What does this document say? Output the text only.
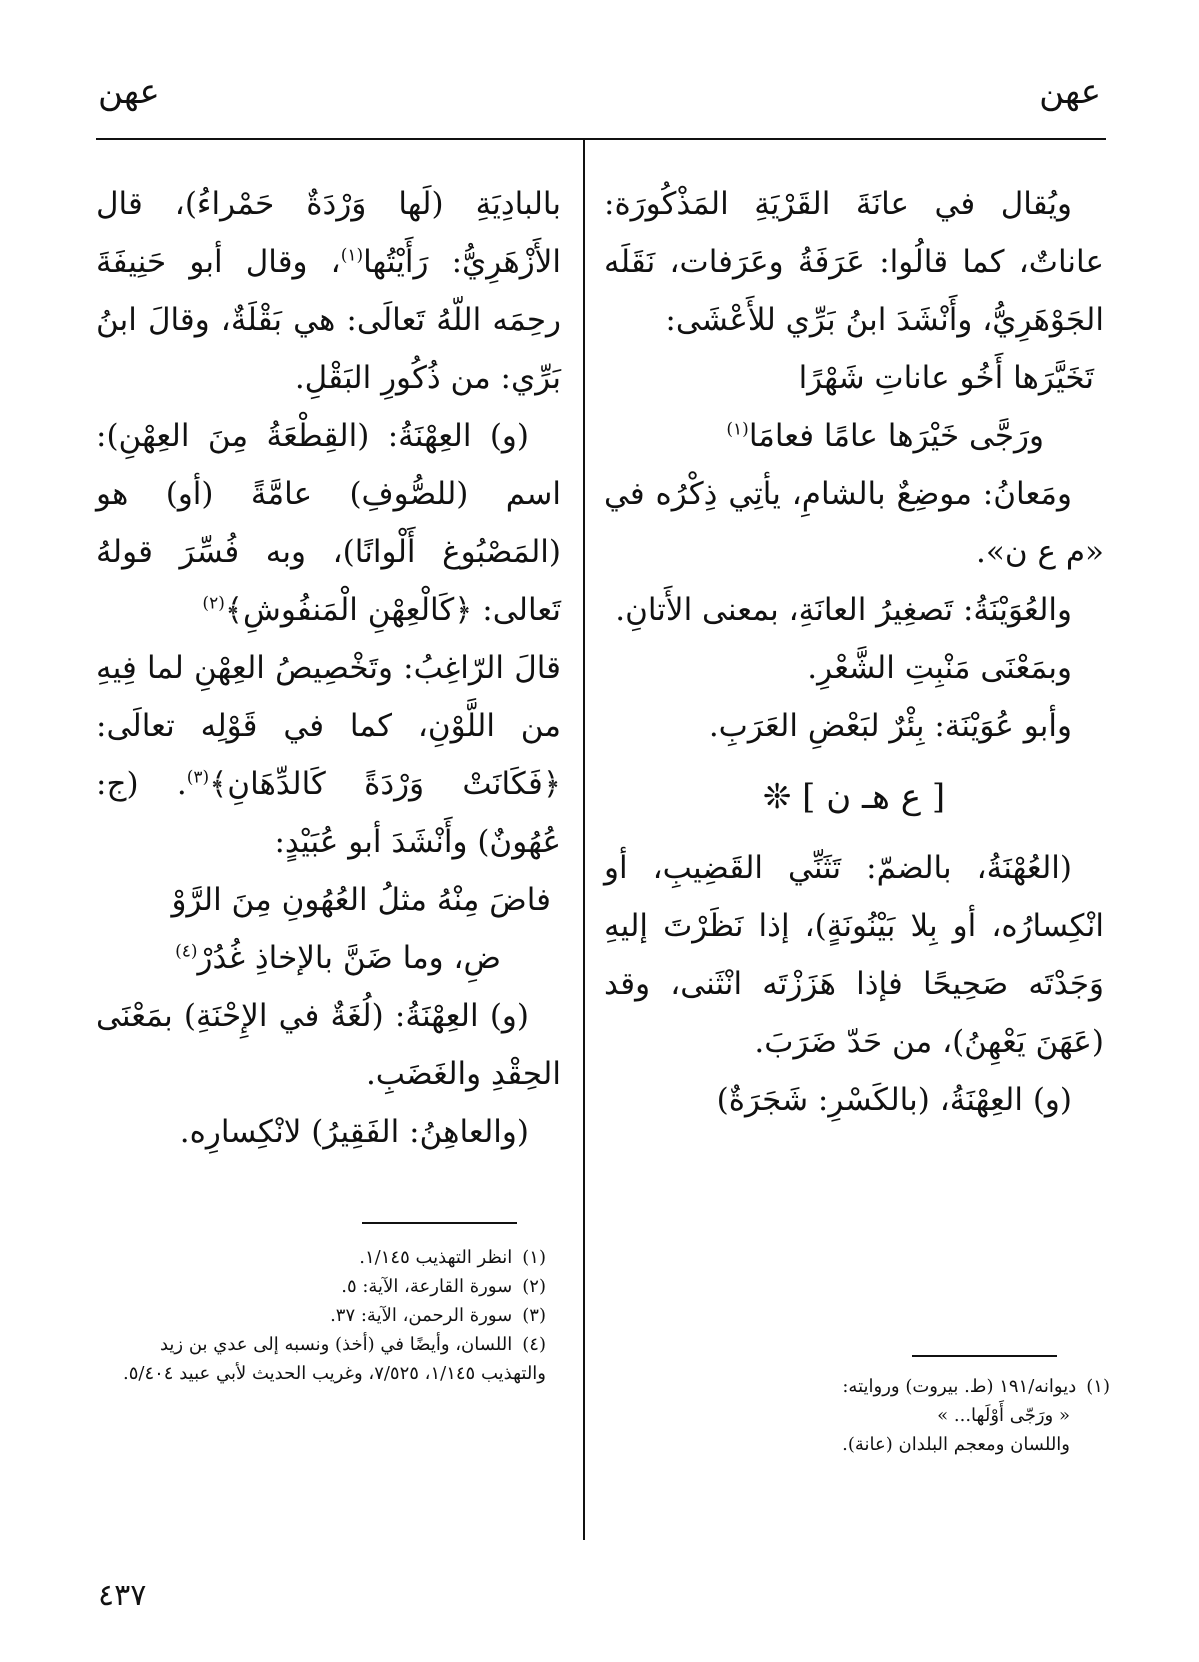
عهن
عهن

ويُقال في عانَةَ القَرْيَةِ المَذْكُورَة: عاناتٌ، كما قالُوا: عَرَفَةُ وعَرَفات، نَقَلَه الجَوْهَرِيُّ، وأَنْشَدَ ابنُ بَرِّي للأَعْشَى:

تَخَيَّرَها أَخُو عاناتِ شَهْرًا

ورَجَّى خَيْرَها عامًا فعامَا$^{(١)}$

ومَعانُ: موضِعٌ بالشامِ، يأتِي ذِكْرُه في «م ع ن».

والعُوَيْنَةُ: تَصغِيرُ العانَةِ، بمعنى الأَتانِ.

وبمَعْنَى مَنْبِتِ الشَّعْرِ.

وأبو عُوَيْنَة: بِئْرٌ لبَعْضِ العَرَبِ.

[ ع هـ ن ] ❊

(العُهْنَةُ، بالضمّ: تَثَنِّي القَضِيبِ، أو انْكِسارُه، أو بِلا بَيْنُونَةٍ)، إذا نَظَرْتَ إليهِ وَجَدْتَه صَحِيحًا فإذا هَزَزْتَه انْثَنى، وقد (عَهَنَ يَعْهِنُ)، من حَدّ ضَرَبَ.

(و) العِهْنَةُ، (بالكَسْرِ: شَجَرَةٌ)

بالبادِيَةِ (لَها وَرْدَةٌ حَمْراءُ)، قال الأَزْهَرِيُّ: رَأَيْتُها$^{(١)}$، وقال أبو حَنِيفَةَ رحِمَه اللّهُ تَعالَى: هي بَقْلَةٌ، وقالَ ابنُ بَرِّي: من ذُكُورِ البَقْلِ.

(و) العِهْنَةُ: (القِطْعَةُ مِنَ العِهْنِ): اسم (للصُّوفِ) عامَّةً (أو) هو (المَصْبُوغ أَلْوانًا)، وبه فُسِّرَ قولهُ تَعالى: ﴿كَالْعِهْنِ الْمَنفُوشِ﴾$^{(٢)}$

قالَ الرّاغِبُ: وتَخْصِيصُ العِهْنِ لما فِيهِ من اللَّوْنِ، كما في قَوْلِه تعالَى: ﴿فَكَانَتْ وَرْدَةً كَالدِّهَانِ﴾$^{(٣)}$. (ج: عُهُونٌ) وأَنْشَدَ أبو عُبَيْدٍ:

فاضَ مِنْهُ مثلُ العُهُونِ مِنَ الرَّوْ

ضِ، وما ضَنَّ بالإخاذِ غُدُرْ$^{(٤)}$

(و) العِهْنَةُ: (لُغَةٌ في الإِحْنَةِ) بمَعْنَى الحِقْدِ والغَضَبِ.

(والعاهِنُ: الفَقِيرُ) لانْكِسارِه.

(١)ديوانه/١٩١ (ط. بيروت) وروايته:
« ورَجّى أَوْلَها... »
واللسان ومعجم البلدان (عانة).
(١)انظر التهذيب ١/١٤٥.
(٢)سورة القارعة، الآية: ٥.
(٣)سورة الرحمن، الآية: ٣٧.
(٤)اللسان، وأيضًا في (أخذ) ونسبه إلى عدي بن زيد والتهذيب ١/١٤٥، ٧/٥٢٥، وغريب الحديث لأبي عبيد ٥/٤٠٤.
٤٣٧
